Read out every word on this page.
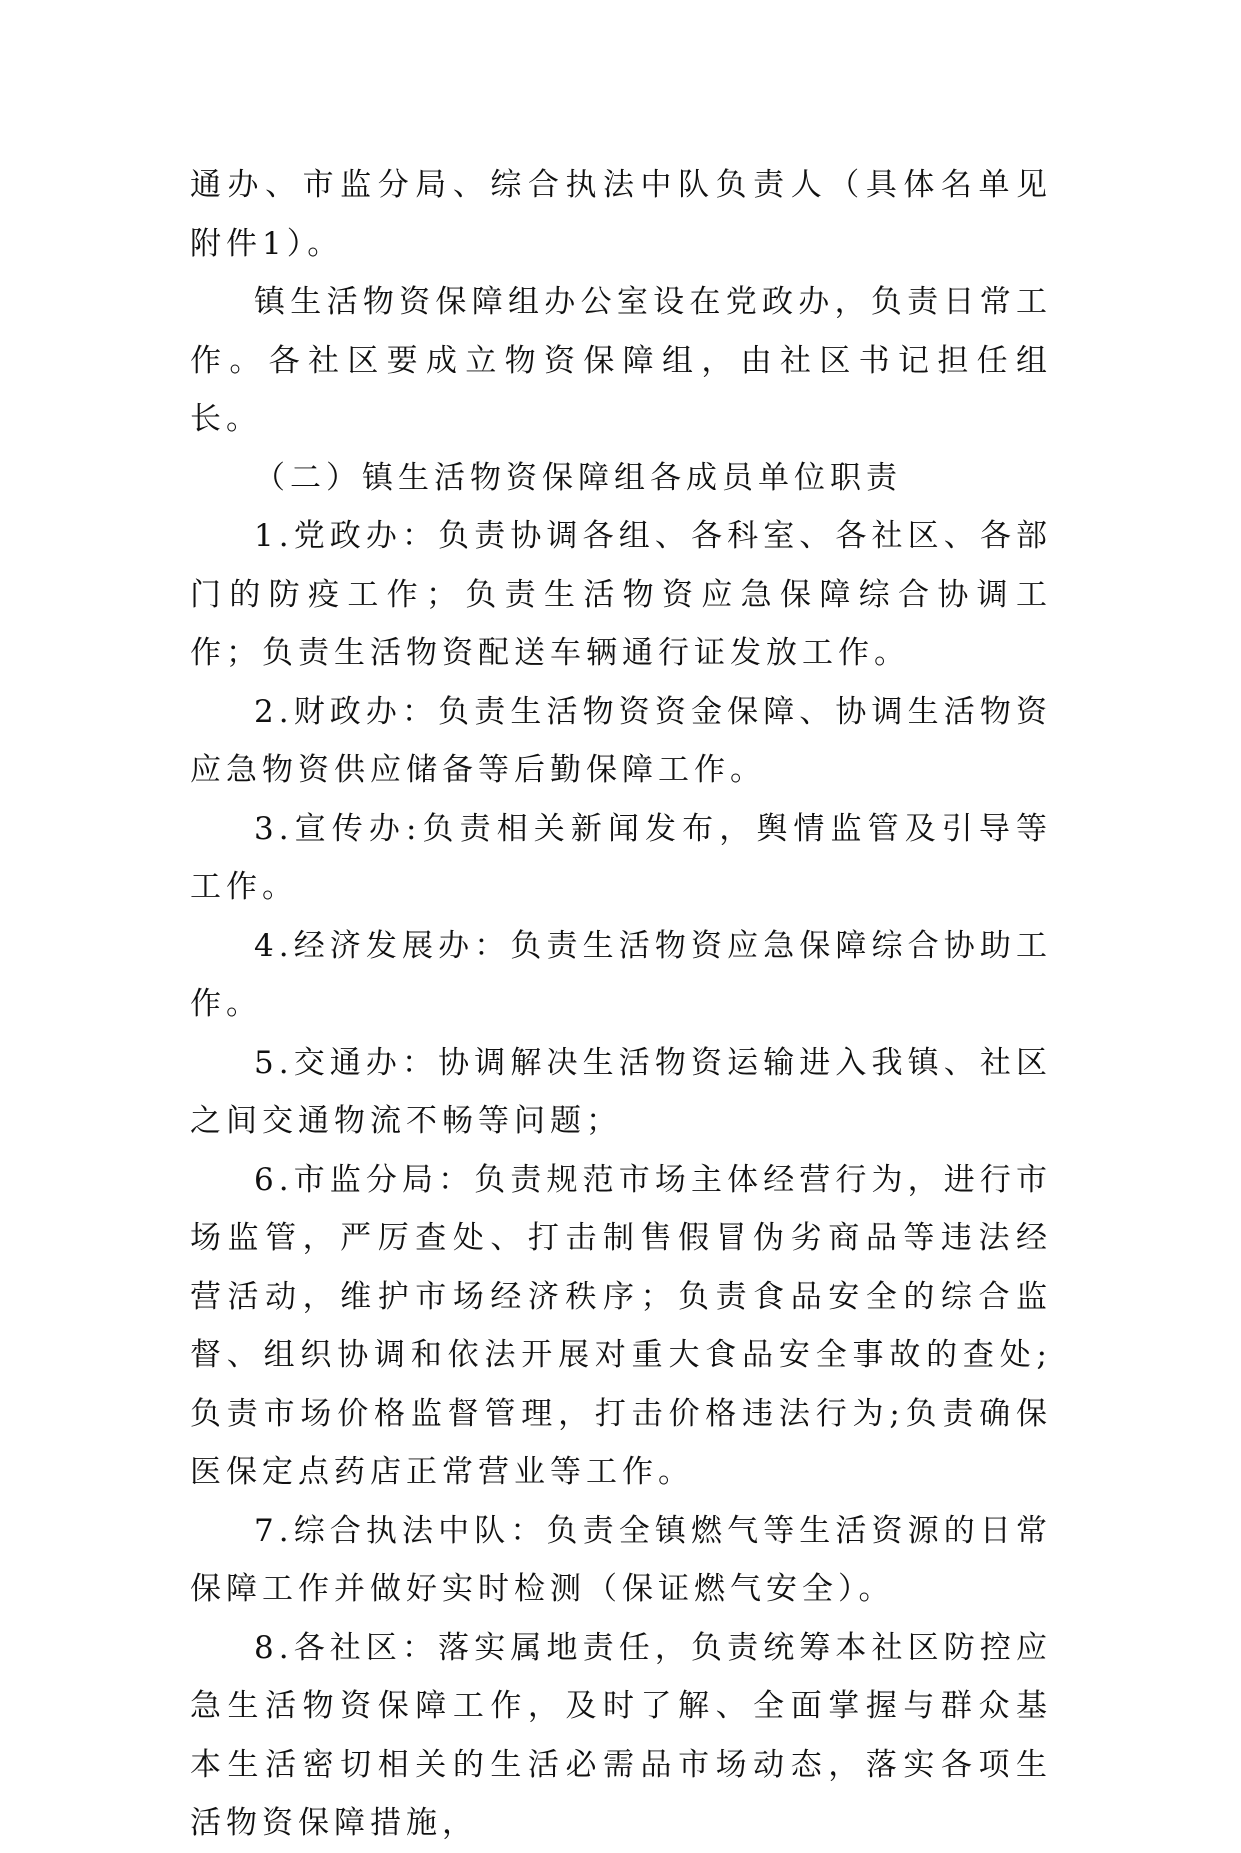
通办、市监分局、综合执法中队负责人（具体名单见附件1）。

镇生活物资保障组办公室设在党政办，负责日常工作。各社区要成立物资保障组，由社区书记担任组长。

（二）镇生活物资保障组各成员单位职责

1.党政办：负责协调各组、各科室、各社区、各部门的防疫工作；负责生活物资应急保障综合协调工作；负责生活物资配送车辆通行证发放工作。

2.财政办：负责生活物资资金保障、协调生活物资应急物资供应储备等后勤保障工作。

3.宣传办:负责相关新闻发布，舆情监管及引导等工作。

4.经济发展办：负责生活物资应急保障综合协助工作。

5.交通办：协调解决生活物资运输进入我镇、社区之间交通物流不畅等问题；

6.市监分局：负责规范市场主体经营行为，进行市场监管，严厉查处、打击制售假冒伪劣商品等违法经营活动，维护市场经济秩序；负责食品安全的综合监督、组织协调和依法开展对重大食品安全事故的查处;负责市场价格监督管理，打击价格违法行为;负责确保医保定点药店正常营业等工作。

7.综合执法中队：负责全镇燃气等生活资源的日常保障工作并做好实时检测（保证燃气安全）。

8.各社区：落实属地责任，负责统筹本社区防控应急生活物资保障工作，及时了解、全面掌握与群众基本生活密切相关的生活必需品市场动态，落实各项生活物资保障措施，
